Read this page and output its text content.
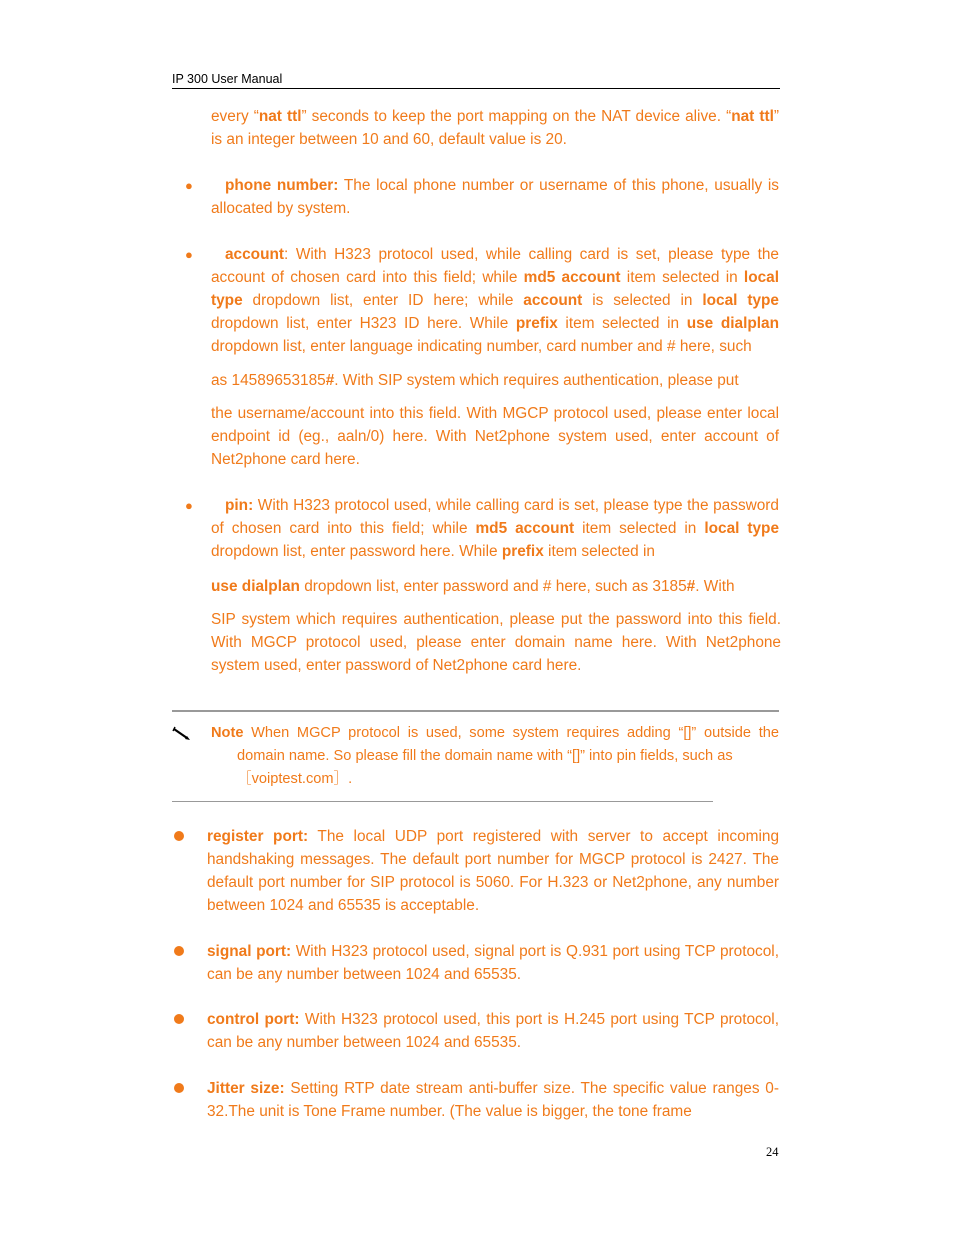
IP 300 User Manual

every “nat ttl” seconds to keep the port mapping on the NAT device alive. “nat ttl” is an integer between 10 and 60, default value is 20.

●	phone number: The local phone number or username of this phone, usually is allocated by system.

●	account: With H323 protocol used, while calling card is set, please type the account of chosen card into this field; while md5 account item selected in local type dropdown list, enter ID here; while account is selected in local type dropdown list, enter H323 ID here. While prefix item selected in use dialplan dropdown list, enter language indicating number, card number and # here, such

as 14589653185#. With SIP system which requires authentication, please put

the username/account into this field. With MGCP protocol used, please enter local endpoint id (eg., aaln/0) here. With Net2phone system used, enter account of Net2phone card here.

●	pin: With H323 protocol used, while calling card is set, please type the password of chosen card into this field; while md5 account item selected in local type dropdown list, enter password here. While prefix item selected in

use dialplan dropdown list, enter password and # here, such as 3185#. With

SIP system which requires authentication, please put the password into this field. With MGCP protocol used, please enter domain name here. With Net2phone system used, enter password of Net2phone card here.

Note When MGCP protocol is used, some system requires adding “[]” outside the domain name. So please fill the domain name with “[]” into pin fields, such as

［voiptest.com］.

register port: The local UDP port registered with server to accept incoming handshaking messages. The default port number for MGCP protocol is 2427. The default port number for SIP protocol is 5060. For H.323 or Net2phone, any number between 1024 and 65535 is acceptable.

signal port: With H323 protocol used, signal port is Q.931 port using TCP protocol, can be any number between 1024 and 65535.

control port: With H323 protocol used, this port is H.245 port using TCP protocol, can be any number between 1024 and 65535.

Jitter size: Setting RTP date stream anti-buffer size. The specific value ranges 0-32.The unit is Tone Frame number. (The value is bigger, the tone frame

24
